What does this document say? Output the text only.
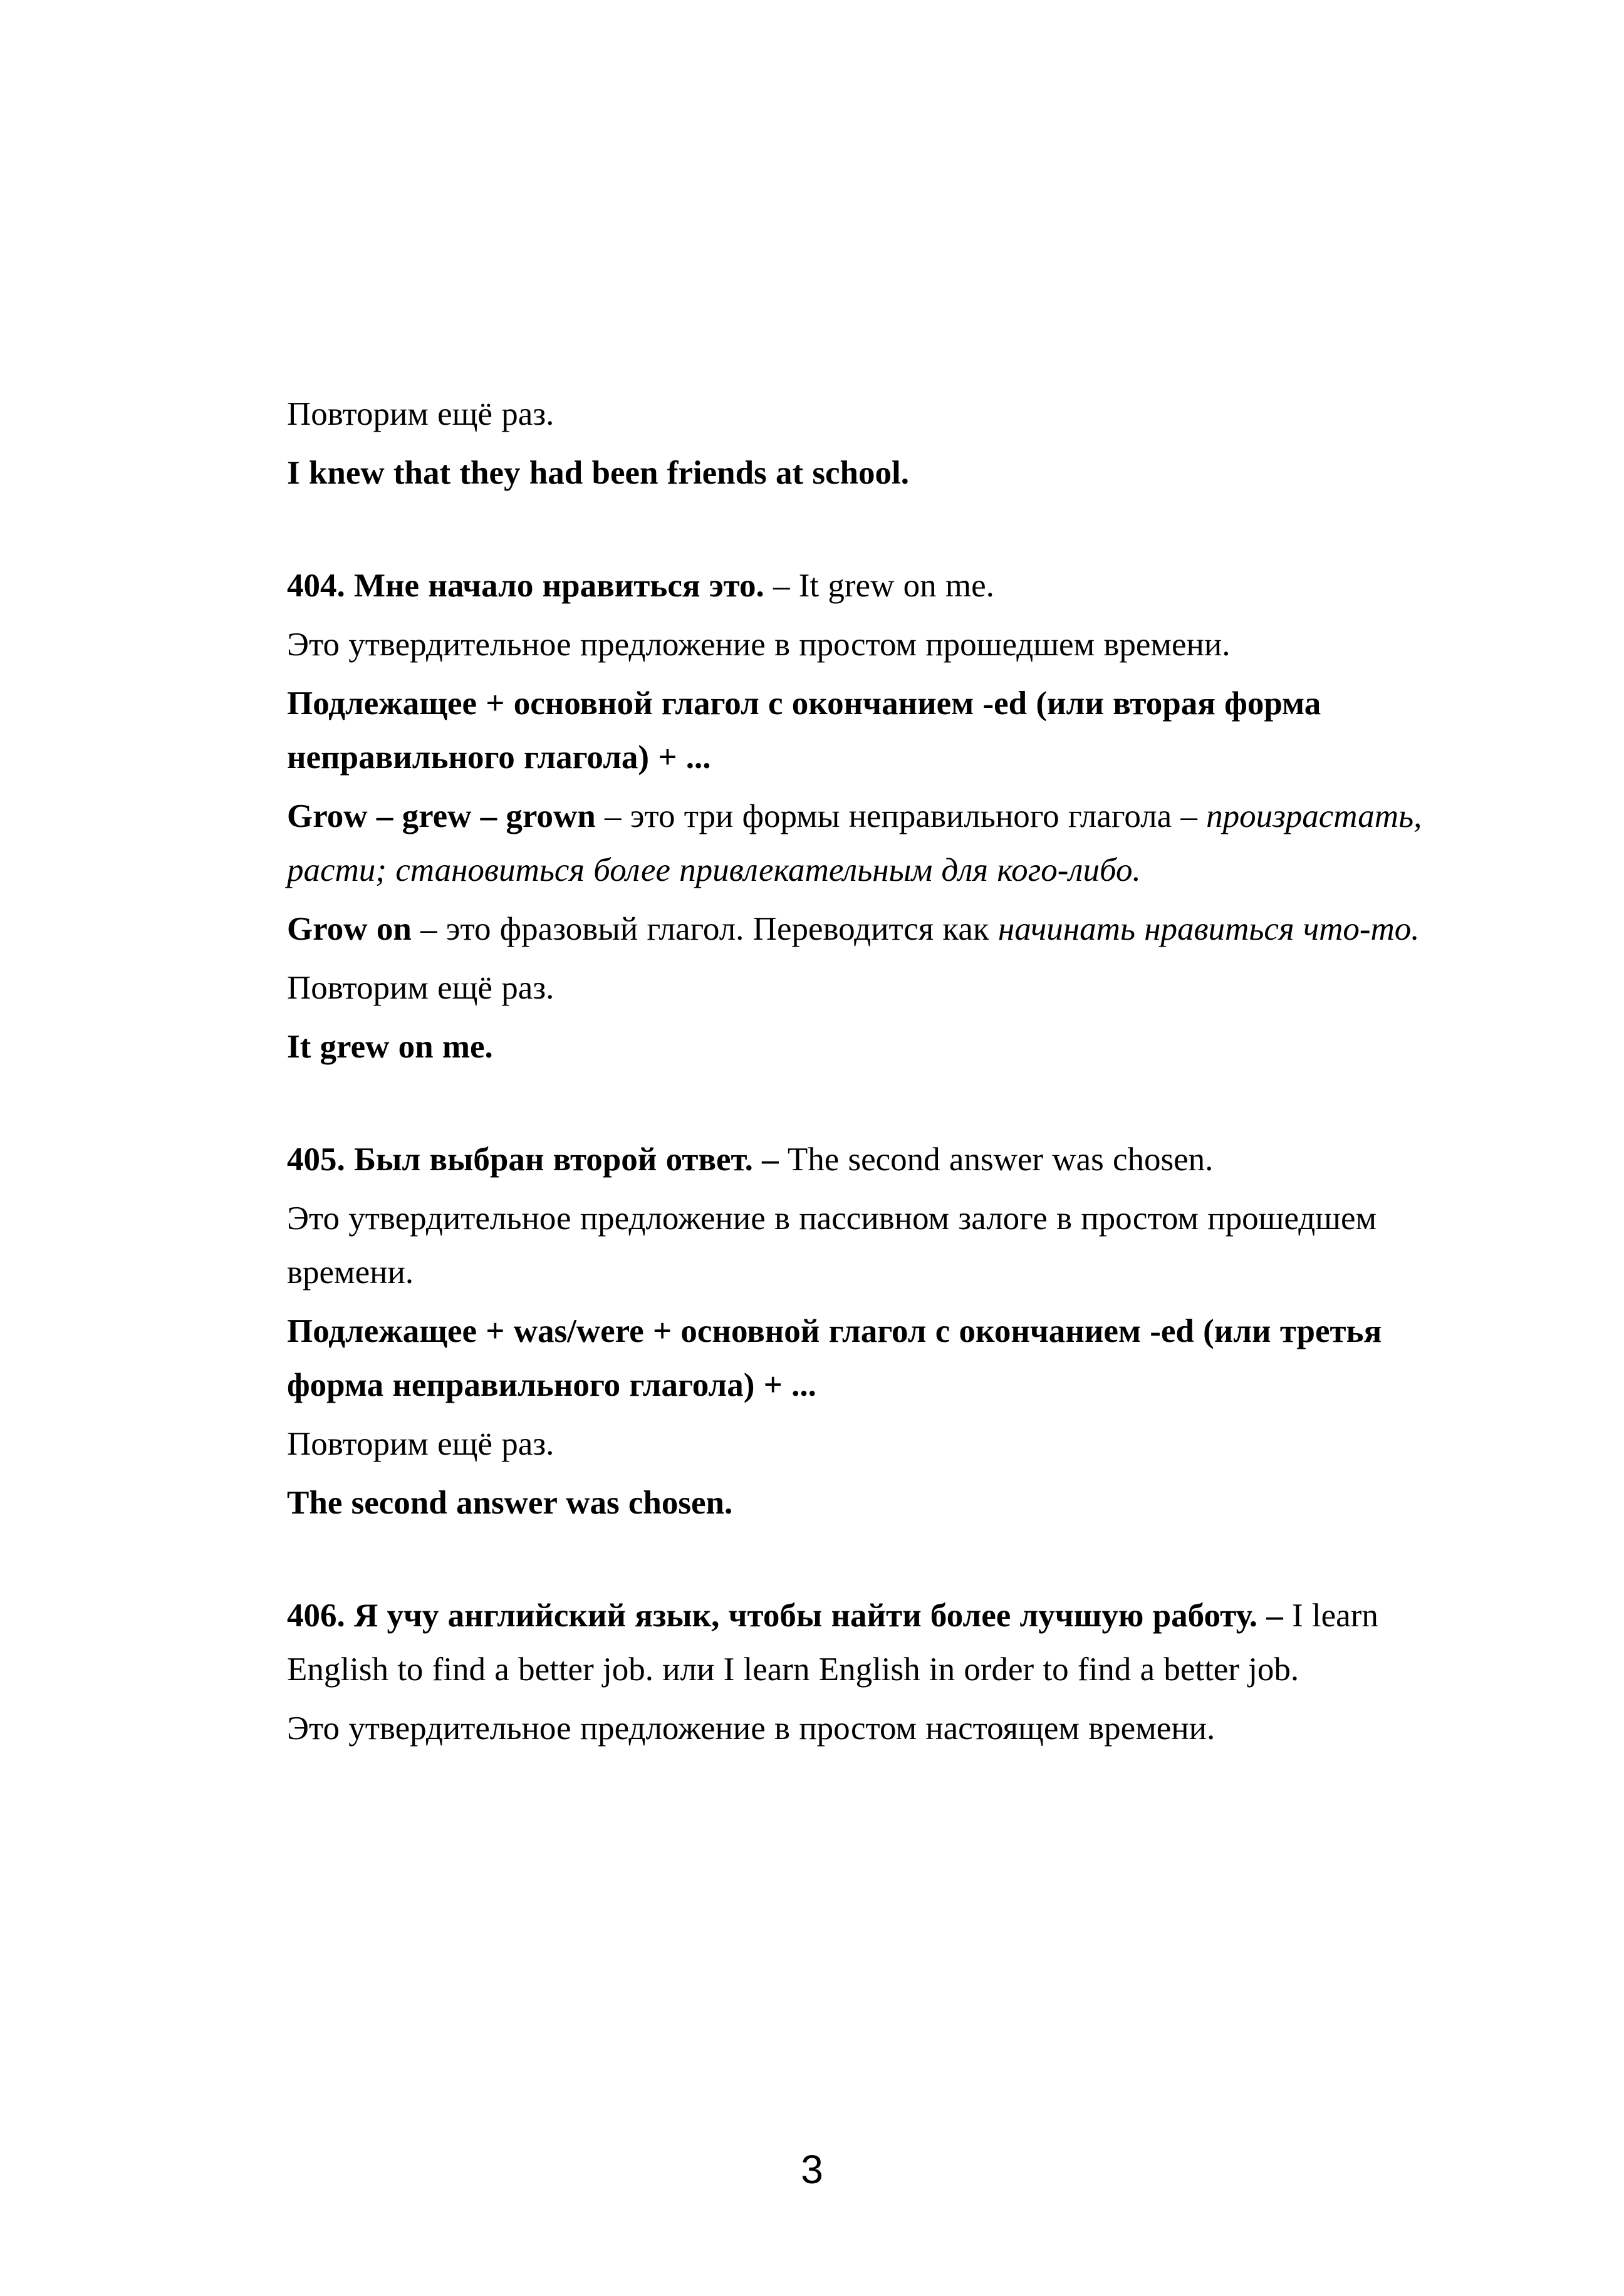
Повторим ещё раз.

I knew that they had been friends at school.

404. Мне начало нравиться это. – It grew on me.

Это утвердительное предложение в простом прошедшем времени.

Подлежащее + основной глагол с окончанием -ed (или вторая форма неправильного глагола) + ...

Grow – grew – grown – это три формы неправильного глагола – произрастать, расти; становиться более привлекательным для кого-либо.

Grow on – это фразовый глагол. Переводится как начинать нравиться что-то.

Повторим ещё раз.

It grew on me.

405. Был выбран второй ответ. – The second answer was chosen.

Это утвердительное предложение в пассивном залоге в простом прошедшем времени.

Подлежащее + was/were + основной глагол с окончанием -ed (или третья форма неправильного глагола) + ...

Повторим ещё раз.

The second answer was chosen.

406. Я учу английский язык, чтобы найти более лучшую работу. – I learn English to find a better job. или I learn English in order to find a better job.

Это утвердительное предложение в простом настоящем времени.

3
